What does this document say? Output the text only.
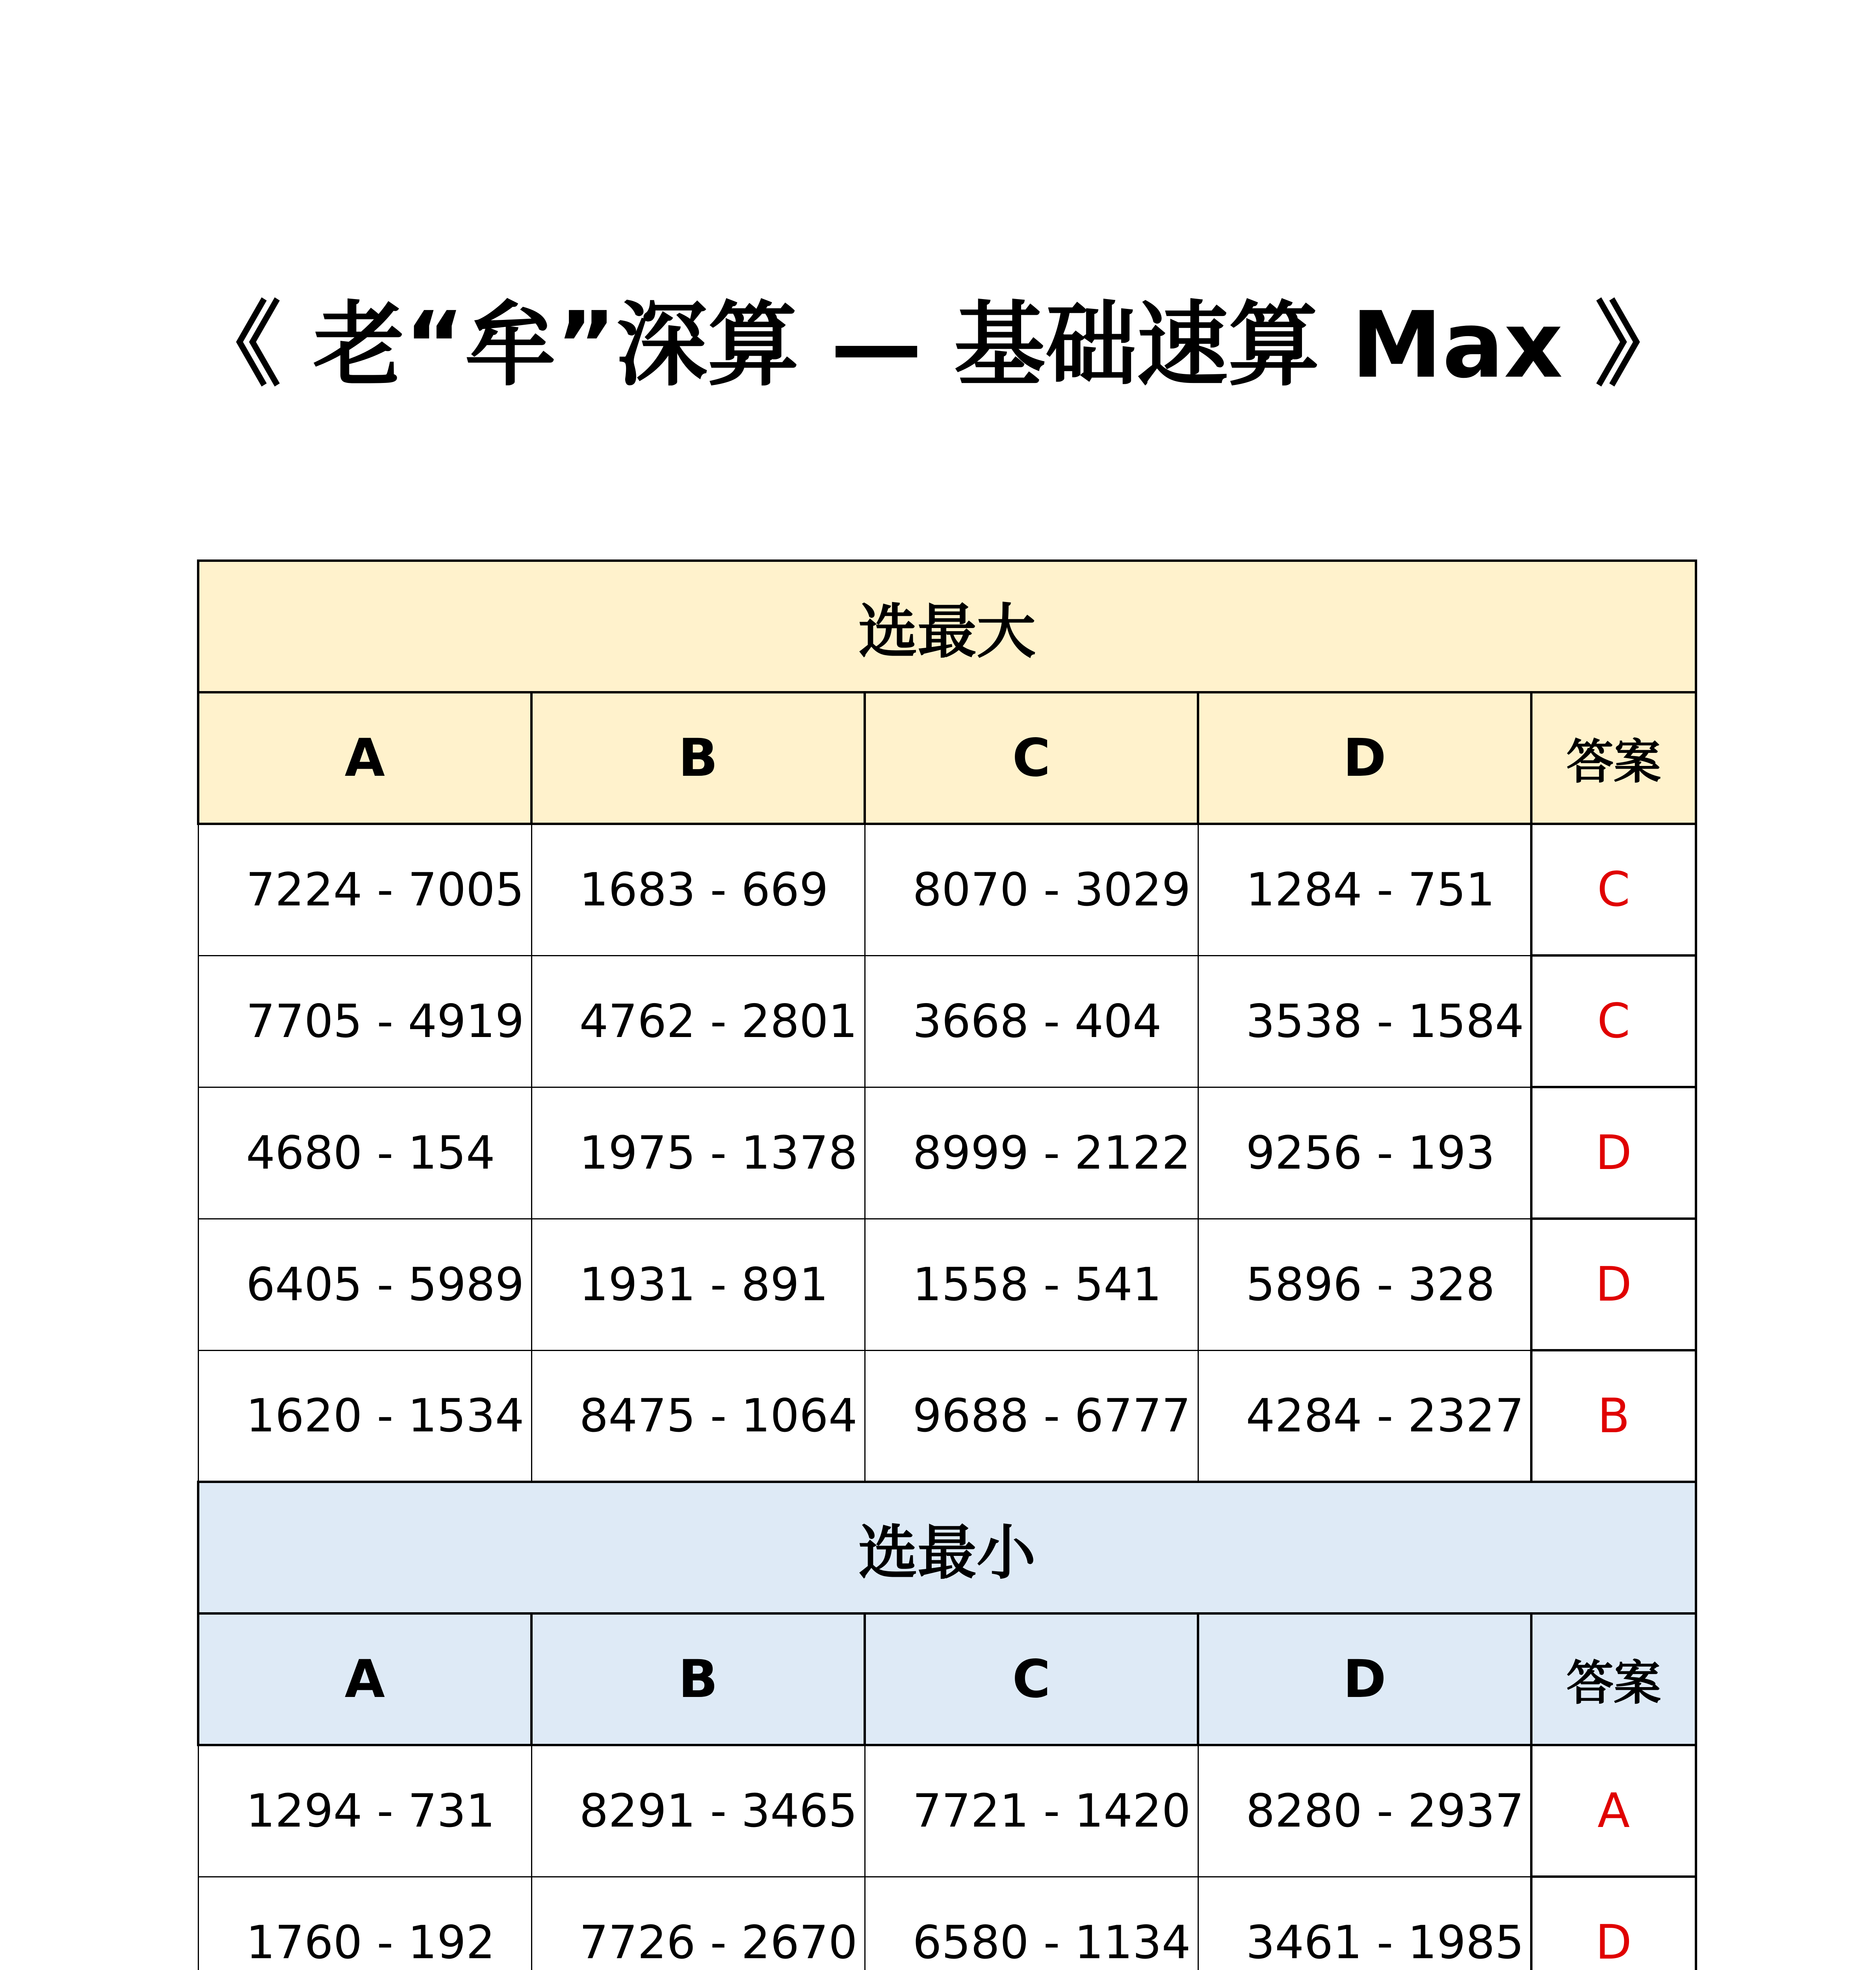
《 老“牟”深算 — 基础速算 Max 》
选最大				
A	B	C	D	答案
7224 - 7005	1683 - 669	8070 - 3029	1284 - 751	C
7705 - 4919	4762 - 2801	3668 - 404	3538 - 1584	C
4680 - 154	1975 - 1378	8999 - 2122	9256 - 193	D
6405 - 5989	1931 - 891	1558 - 541	5896 - 328	D
1620 - 1534	8475 - 1064	9688 - 6777	4284 - 2327	B
选最小				
A	B	C	D	答案
1294 - 731	8291 - 3465	7721 - 1420	8280 - 2937	A
1760 - 192	7726 - 2670	6580 - 1134	3461 - 1985	D
